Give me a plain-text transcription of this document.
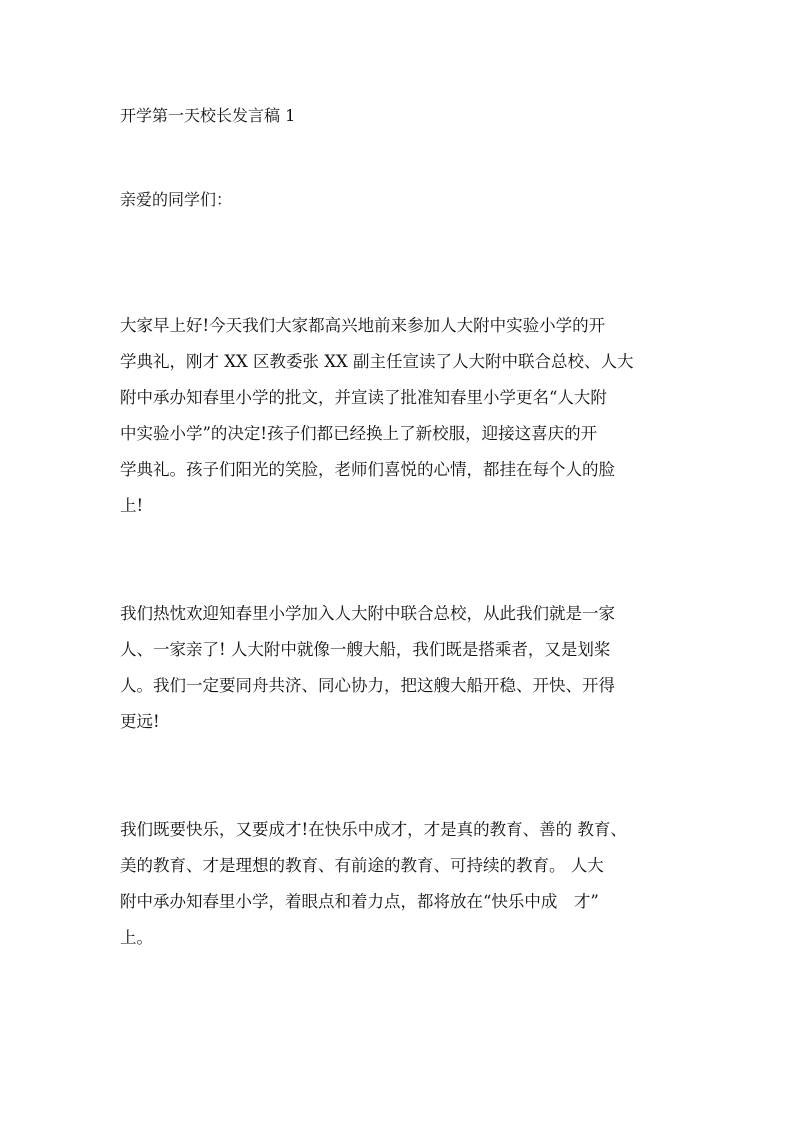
开学第一天校长发言稿 1
亲爱的同学们：
大家早上好!今天我们大家都高兴地前来参加人大附中实验小学的开
学典礼，刚才 XX 区教委张 XX 副主任宣读了人大附中联合总校、人大
附中承办知春里小学的批文，并宣读了批准知春里小学更名“人大附
中实验小学”的决定!孩子们都已经换上了新校服，迎接这喜庆的开
学典礼。孩子们阳光的笑脸，老师们喜悦的心情，都挂在每个人的脸
上!
我们热忱欢迎知春里小学加入人大附中联合总校，从此我们就是一家
人、一家亲了! 人大附中就像一艘大船，我们既是搭乘者，又是划桨
人。我们一定要同舟共济、同心协力，把这艘大船开稳、开快、开得
更远!
我们既要快乐，又要成才!在快乐中成才，才是真的教育、善的 教育、
美的教育、才是理想的教育、有前途的教育、可持续的教育。 人大
附中承办知春里小学，着眼点和着力点，都将放在“快乐中成　才”
上。
